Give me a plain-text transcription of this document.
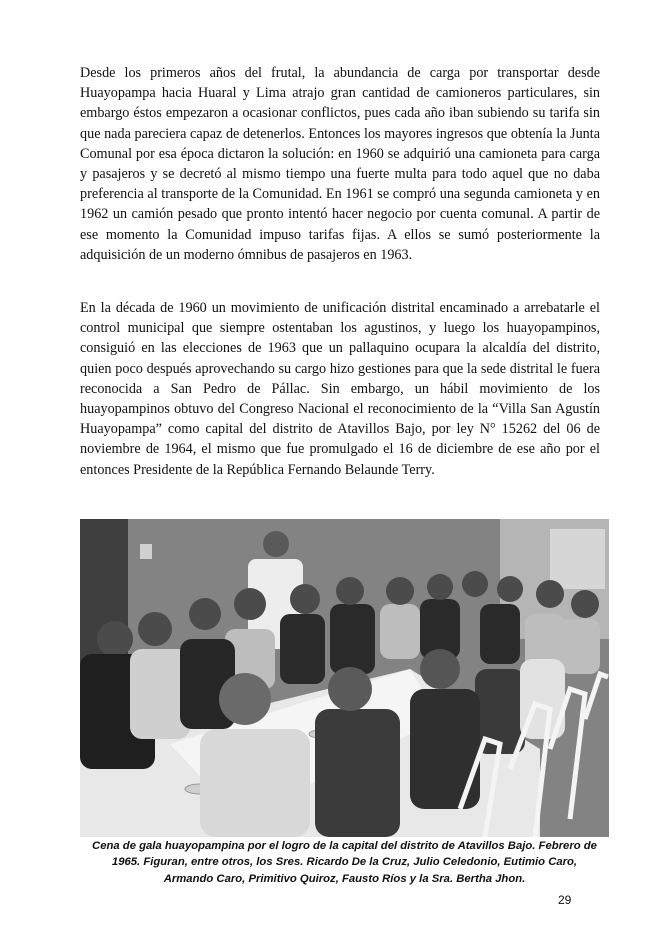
Desde los primeros años del frutal, la abundancia de carga por transportar desde Huayopampa hacia Huaral y Lima atrajo gran cantidad de camioneros particulares, sin embargo éstos empezaron a ocasionar conflictos, pues cada año iban subiendo su tarifa sin que nada pareciera capaz de detenerlos. Entonces los mayores ingresos que obtenía la Junta Comunal por esa época dictaron la solución: en 1960 se adquirió una camioneta para carga y pasajeros y se decretó al mismo tiempo una fuerte multa para todo aquel que no daba preferencia al transporte de la Comunidad. En 1961 se compró una segunda camioneta y en 1962 un camión pesado que pronto intentó hacer negocio por cuenta comunal. A partir de ese momento la Comunidad impuso tarifas fijas. A ellos se sumó posteriormente la adquisición de un moderno ómnibus de pasajeros en 1963.

En la década de 1960 un movimiento de unificación distrital encaminado a arrebatarle el control municipal que siempre ostentaban los agustinos, y luego los huayopampinos, consiguió en las elecciones de 1963 que un pallaquino ocupara la alcaldía del distrito, quien poco después aprovechando su cargo hizo gestiones para que la sede distrital le fuera reconocida a San Pedro de Pállac. Sin embargo, un hábil movimiento de los huayopampinos obtuvo del Congreso Nacional el reconocimiento de la “Villa San Agustín Huayopampa” como capital del distrito de Atavillos Bajo, por ley N° 15262 del 06 de noviembre de 1964, el mismo que fue promulgado el 16 de diciembre de ese año por el entonces Presidente de la República Fernando Belaunde Terry.

Cena de gala huayopampina por el logro de la capital del distrito de Atavillos Bajo. Febrero de 1965. Figuran, entre otros, los Sres. Ricardo De la Cruz, Julio Celedonio, Eutimio Caro, Armando Caro, Primitivo Quiroz, Fausto Ríos y la Sra. Bertha Jhon.

29
